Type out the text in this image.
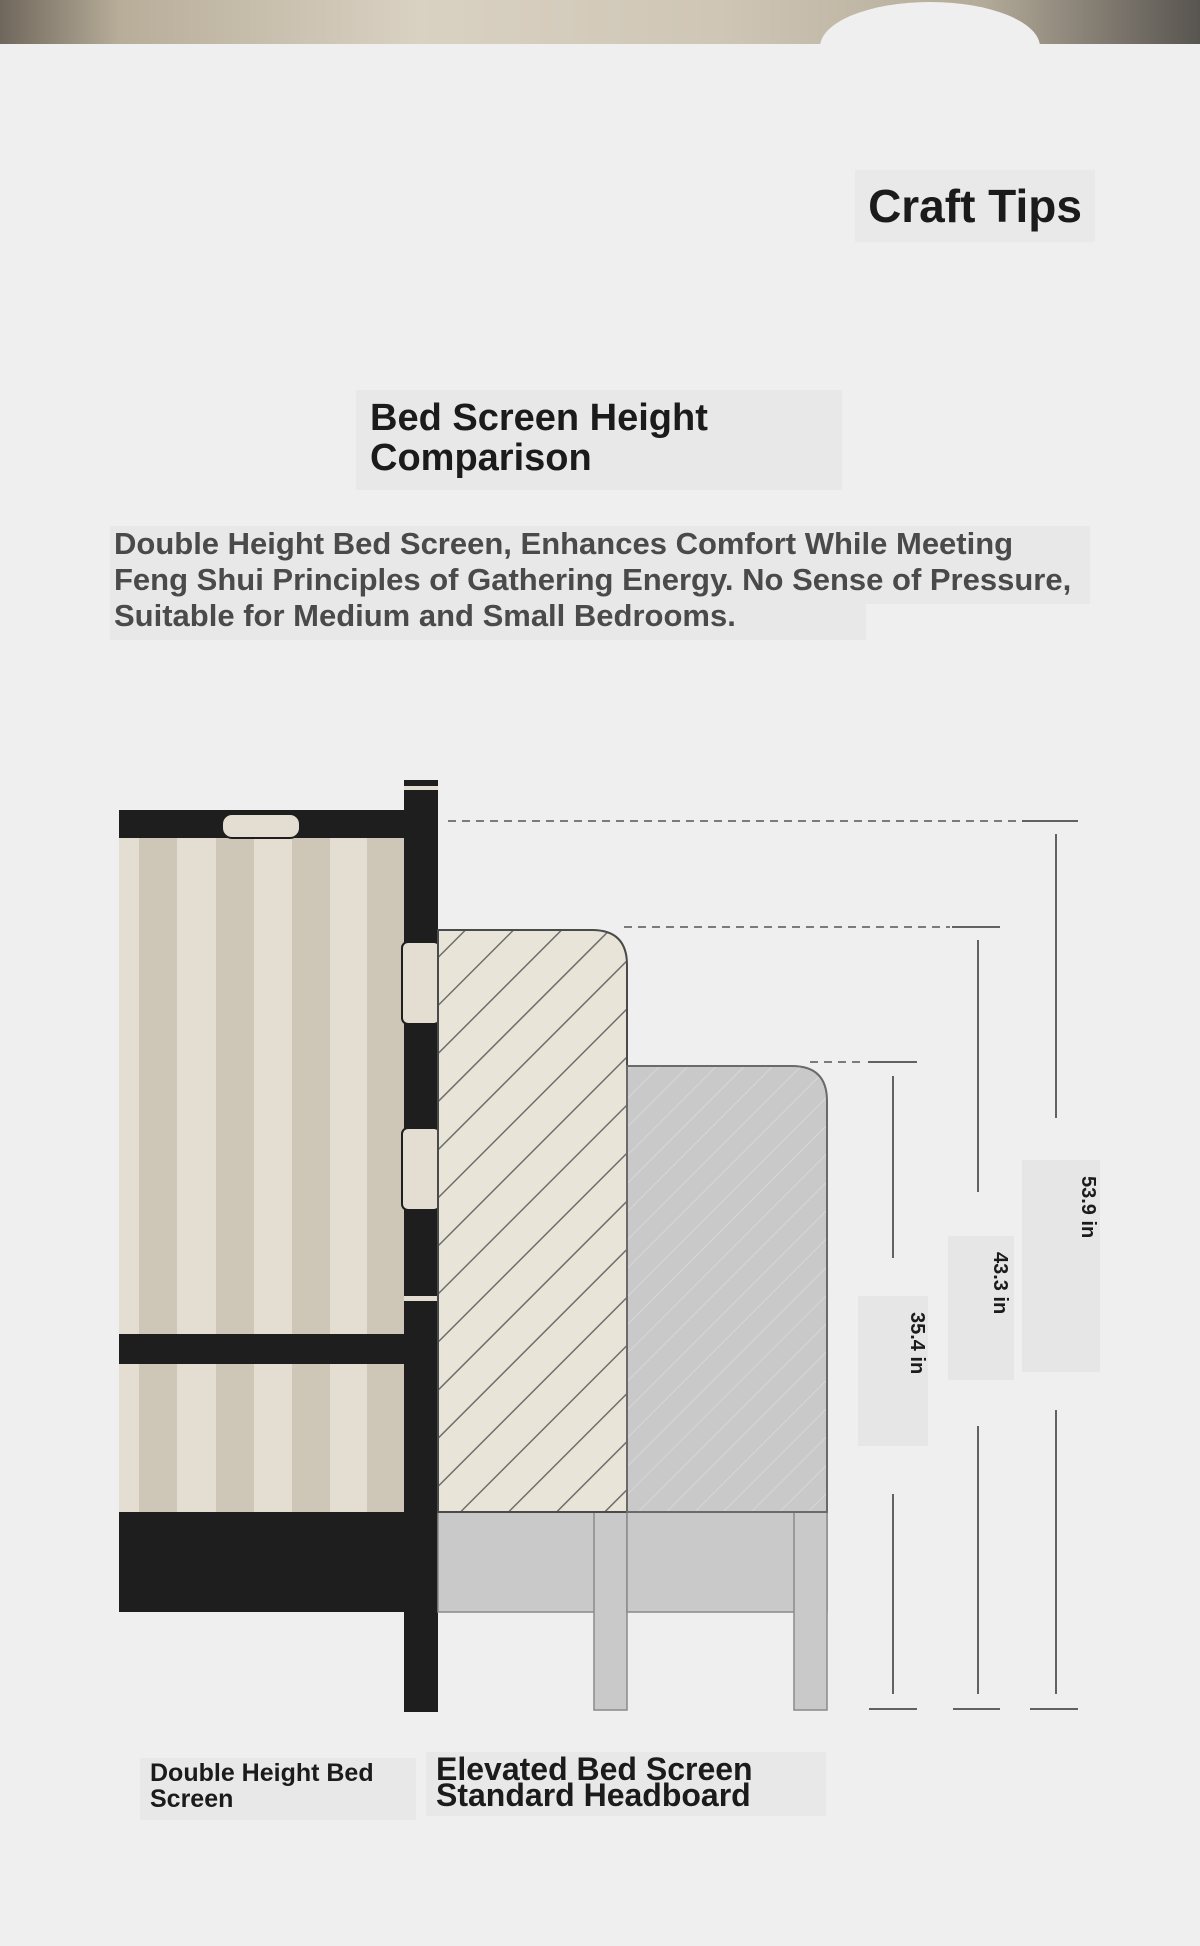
Craft Tips
Bed Screen Height
Comparison
Double Height Bed Screen, Enhances Comfort While Meeting
Feng Shui Principles of Gathering Energy. No Sense of Pressure,
Suitable for Medium and Small Bedrooms.
53.9 in
43.3 in
35.4 in
Double Height Bed
Screen
Elevated Bed Screen
Standard Headboard
